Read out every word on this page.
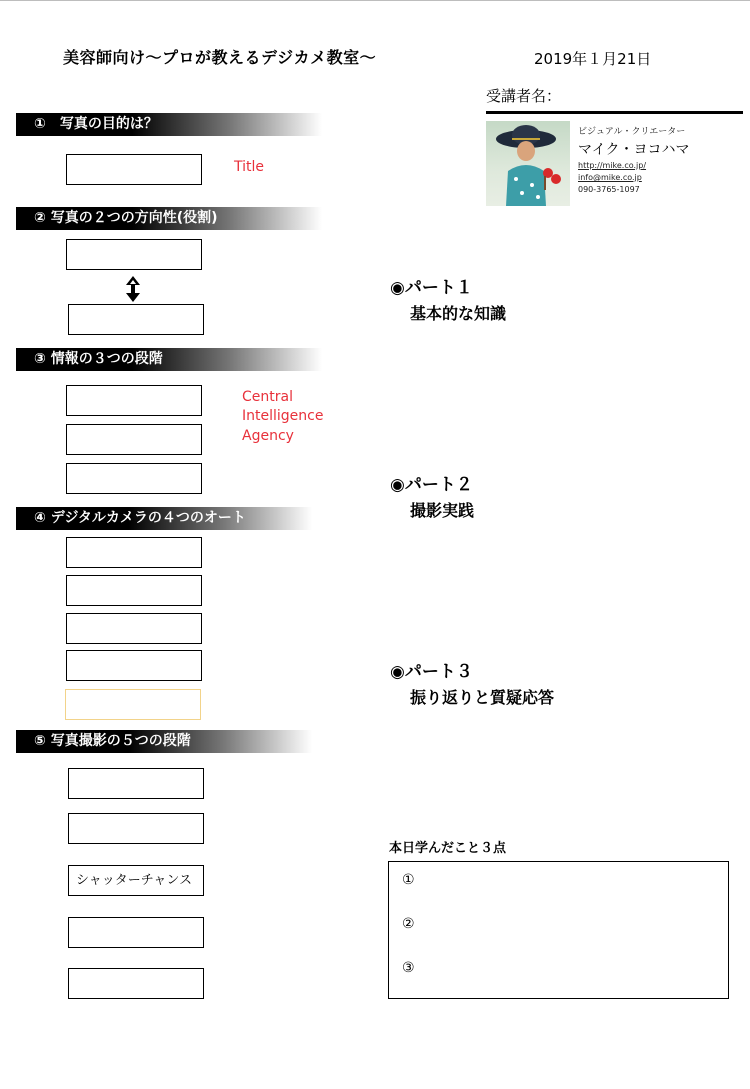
美容師向け〜プロが教えるデジカメ教室〜	2019年１月21日
受講者名：
ビジュアル・クリエーター
マイク・ヨコハマ
http://mike.co.jp/
info@mike.co.jp
090-3765-1097
①　写真の目的は？
Title
② 写真の２つの方向性(役割)
③ 情報の３つの段階
Central
Intelligence
Agency
④ デジタルカメラの４つのオート
⑤ 写真撮影の５つの段階
シャッターチャンス
◉パート１
基本的な知識
◉パート２
撮影実践
◉パート３
振り返りと質疑応答
本日学んだこと３点
①
②
③
